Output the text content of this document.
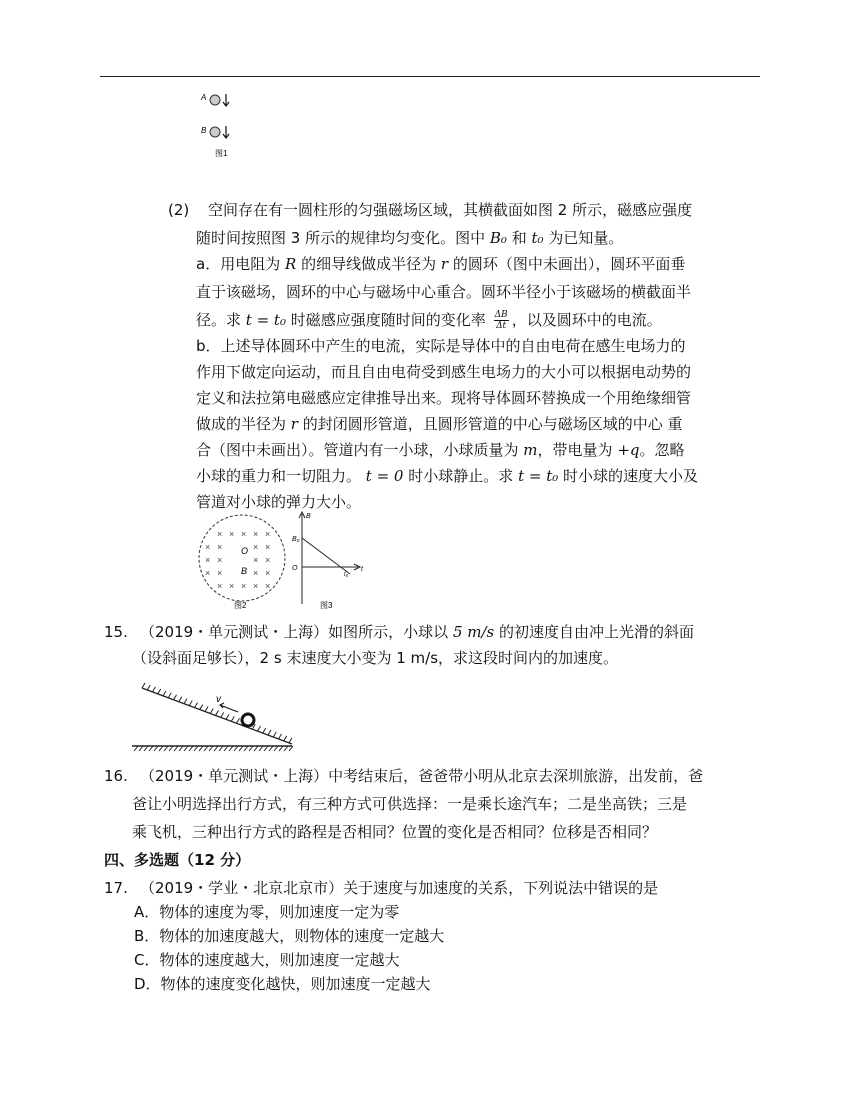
A
B
图1
(2) 空间存在有一圆柱形的匀强磁场区域，其横截面如图 2 所示，磁感应强度
随时间按照图 3 所示的规律均匀变化。图中 B₀ 和 t₀ 为已知量。
a．用电阻为 R 的细导线做成半径为 r 的圆环（图中未画出），圆环平面垂
直于该磁场，圆环的中心与磁场中心重合。圆环半径小于该磁场的横截面半
径。求 t = t₀ 时磁感应强度随时间的变化率 $\frac{\Delta B}{\Delta t}$ ，以及圆环中的电流。
b．上述导体圆环中产生的电流，实际是导体中的自由电荷在感生电场力的
作用下做定向运动，而且自由电荷受到感生电场力的大小可以根据电动势的
定义和法拉第电磁感应定律推导出来。现将导体圆环替换成一个用绝缘细管
做成的半径为 r 的封闭圆形管道，且圆形管道的中心与磁场区域的中心 重
合（图中未画出）。管道内有一小球，小球质量为 m，带电量为 +q。忽略
小球的重力和一切阻力。 t = 0 时小球静止。求 t = t₀ 时小球的速度大小及
管道对小球的弹力大小。
× × × × ×
× ×	× ×
× ×	× ×
× ×	× ×
× × × × ×
O
B
图2
B
B₀
O
t₀
t
图3
15. （2019・单元测试・上海）如图所示，小球以 5 m/s 的初速度自由冲上光滑的斜面
（设斜面足够长），2 s 末速度大小变为 1 m/s，求这段时间内的加速度。
v
16. （2019・单元测试・上海）中考结束后，爸爸带小明从北京去深圳旅游，出发前，爸
爸让小明选择出行方式，有三种方式可供选择：一是乘长途汽车；二是坐高铁；三是
乘飞机，三种出行方式的路程是否相同？位置的变化是否相同？位移是否相同？
四、多选题（12 分）
17. （2019・学业・北京北京市）关于速度与加速度的关系，下列说法中错误的是
A．物体的速度为零，则加速度一定为零
B．物体的加速度越大，则物体的速度一定越大
C．物体的速度越大，则加速度一定越大
D．物体的速度变化越快，则加速度一定越大
